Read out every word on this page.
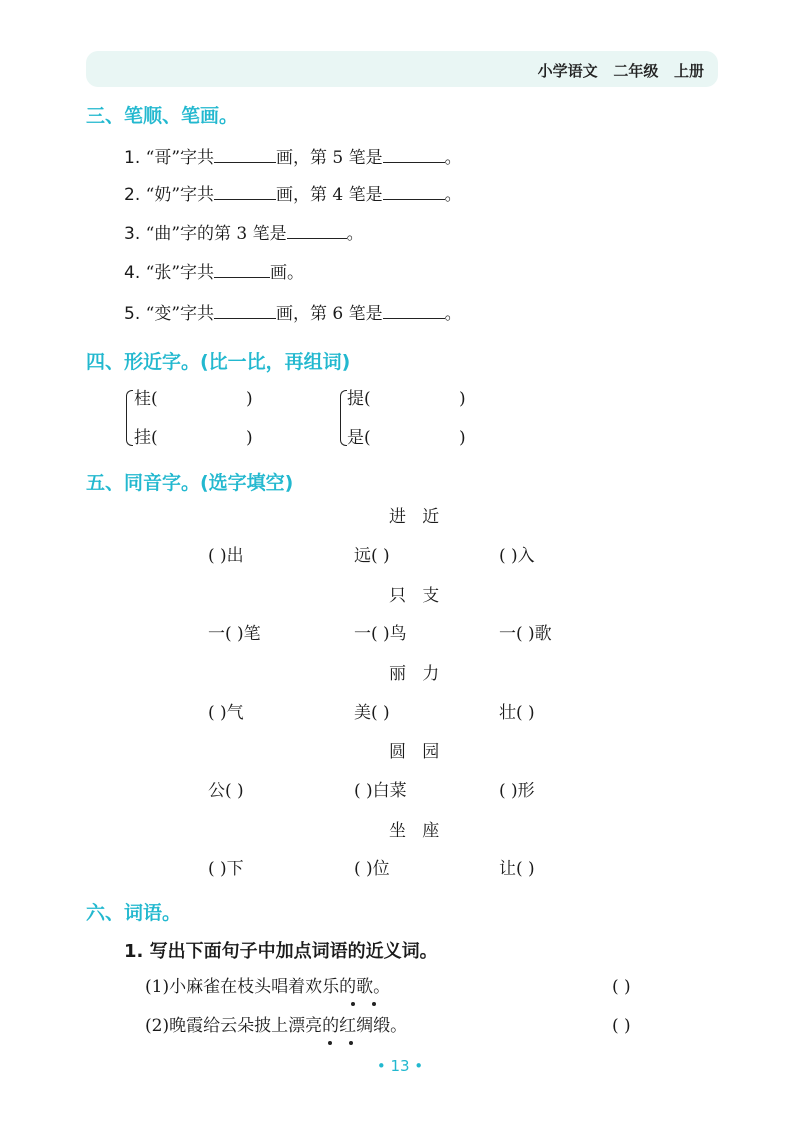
小学语文   二年级   上册
三、笔顺、笔画。
1. “哥”字共	画，第 5 笔是	。
2. “奶”字共	画，第 4 笔是	。
3. “曲”字的第 3 笔是	。
4. “张”字共	画。
5. “变”字共	画，第 6 笔是	。
四、形近字。(比一比，再组词)
桂(	)
挂(	)
提(	)
是(	)
五、同音字。(选字填空)
进   近
( )出	远( )	( )入
只   支
一( )笔	一( )鸟	一( )歌
丽   力
( )气	美( )	壮( )
圆   园
公( )	( )白菜	( )形
坐   座
( )下	( )位	让( )
六、词语。
1. 写出下面句子中加点词语的近义词。
(1)小麻雀在枝头唱着欢乐的歌。	( )
(2)晚霞给云朵披上漂亮的红绸缎。	( )
• 13 •
